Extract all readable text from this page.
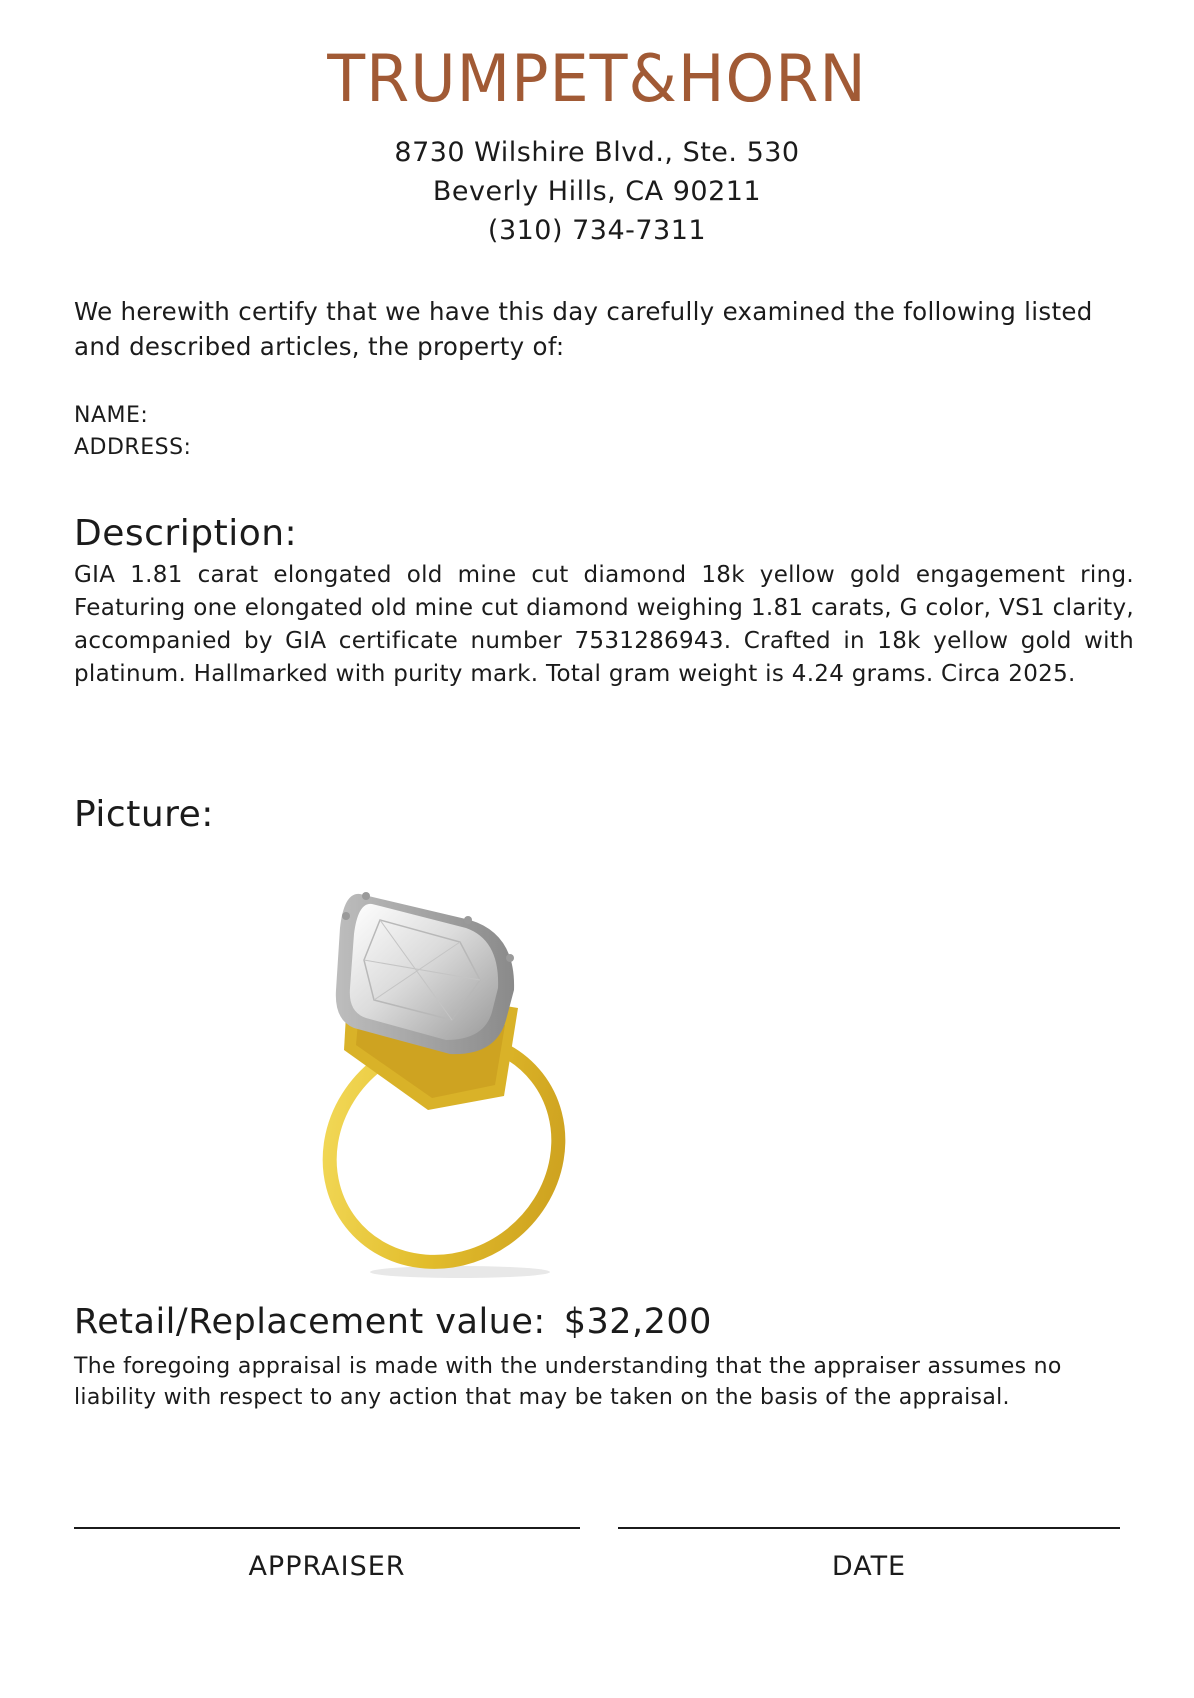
TRUMPET&HORN
8730 Wilshire Blvd., Ste. 530
Beverly Hills, CA 90211
(310) 734-7311
We herewith certify that we have this day carefully examined the following listed and described articles, the property of:
NAME:
ADDRESS:
Description:
GIA 1.81 carat elongated old mine cut diamond 18k yellow gold engagement ring. Featuring one elongated old mine cut diamond weighing 1.81 carats, G color, VS1 clarity, accompanied by GIA certificate number 7531286943. Crafted in 18k yellow gold with platinum. Hallmarked with purity mark. Total gram weight is 4.24 grams. Circa 2025.
Picture:
Retail/Replacement value: $32,200
The foregoing appraisal is made with the understanding that the appraiser assumes no liability with respect to any action that may be taken on the basis of the appraisal.
APPRAISER	DATE
